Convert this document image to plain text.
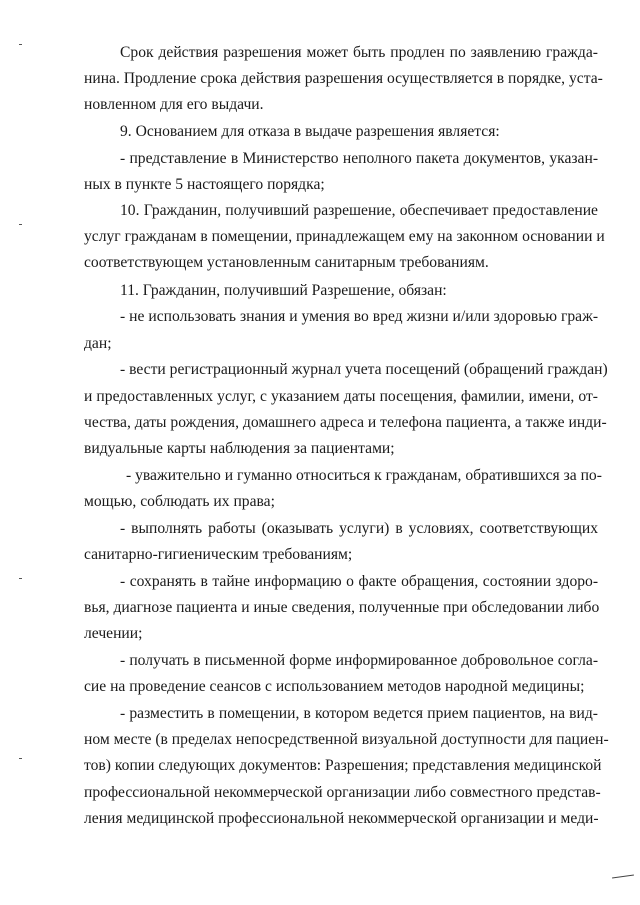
Срок действия разрешения может быть продлен по заявлению гражда-
нина. Продление срока действия разрешения осуществляется в порядке, уста-
новленном для его выдачи.
9. Основанием для отказа в выдаче разрешения является:
- представление в Министерство неполного пакета документов, указан-
ных в пункте 5 настоящего порядка;
10. Гражданин, получивший разрешение, обеспечивает предоставление
услуг гражданам в помещении, принадлежащем ему на законном основании и
соответствующем установленным санитарным требованиям.
11. Гражданин, получивший Разрешение, обязан:
- не использовать знания и умения во вред жизни и/или здоровью граж-
дан;
- вести регистрационный журнал учета посещений (обращений граждан)
и предоставленных услуг, с указанием даты посещения, фамилии, имени, от-
чества, даты рождения, домашнего адреса и телефона пациента, а также инди-
видуальные карты наблюдения за пациентами;
- уважительно и гуманно относиться к гражданам, обратившихся за по-
мощью, соблюдать их права;
- выполнять работы (оказывать услуги) в условиях, соответствующих
санитарно-гигиеническим требованиям;
- сохранять в тайне информацию о факте обращения, состоянии здоро-
вья, диагнозе пациента и иные сведения, полученные при обследовании либо
лечении;
- получать в письменной форме информированное добровольное согла-
сие на проведение сеансов с использованием методов народной медицины;
- разместить в помещении, в котором ведется прием пациентов, на вид-
ном месте (в пределах непосредственной визуальной доступности для пациен-
тов) копии следующих документов: Разрешения; представления медицинской
профессиональной некоммерческой организации либо совместного представ-
ления медицинской профессиональной некоммерческой организации и меди-
